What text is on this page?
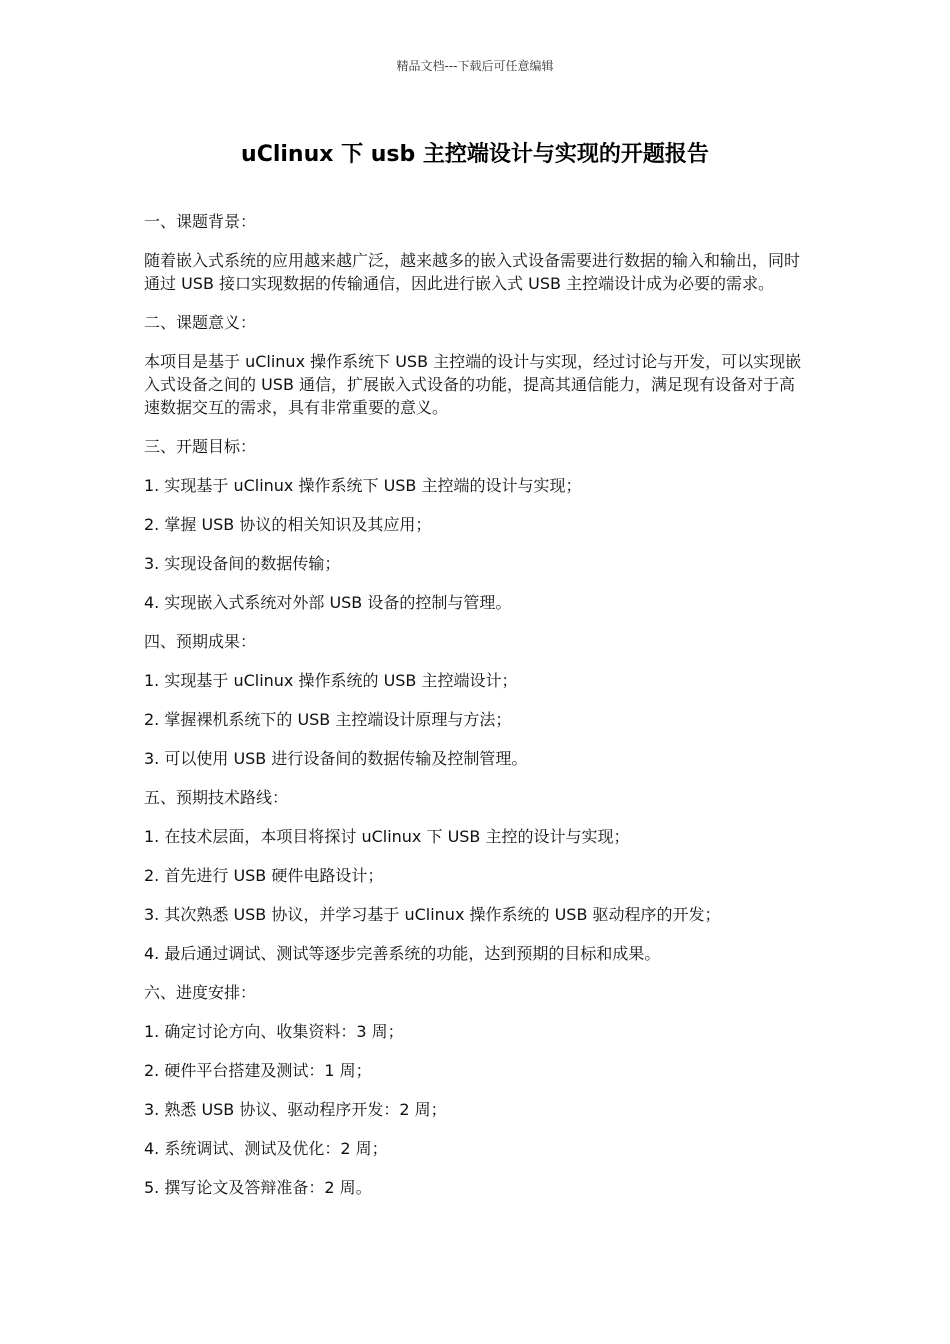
精品文档---下载后可任意编辑
uClinux 下 usb 主控端设计与实现的开题报告

一、课题背景：

随着嵌入式系统的应用越来越广泛，越来越多的嵌入式设备需要进行数据的输入和输出，同时通过 USB 接口实现数据的传输通信，因此进行嵌入式 USB 主控端设计成为必要的需求。

二、课题意义：

本项目是基于 uClinux 操作系统下 USB 主控端的设计与实现，经过讨论与开发，可以实现嵌入式设备之间的 USB 通信，扩展嵌入式设备的功能，提高其通信能力，满足现有设备对于高速数据交互的需求，具有非常重要的意义。

三、开题目标：

1. 实现基于 uClinux 操作系统下 USB 主控端的设计与实现；

2. 掌握 USB 协议的相关知识及其应用；

3. 实现设备间的数据传输；

4. 实现嵌入式系统对外部 USB 设备的控制与管理。

四、预期成果：

1. 实现基于 uClinux 操作系统的 USB 主控端设计；

2. 掌握裸机系统下的 USB 主控端设计原理与方法；

3. 可以使用 USB 进行设备间的数据传输及控制管理。

五、预期技术路线：

1. 在技术层面，本项目将探讨 uClinux 下 USB 主控的设计与实现；

2. 首先进行 USB 硬件电路设计；

3. 其次熟悉 USB 协议，并学习基于 uClinux 操作系统的 USB 驱动程序的开发；

4. 最后通过调试、测试等逐步完善系统的功能，达到预期的目标和成果。

六、进度安排：

1. 确定讨论方向、收集资料：3 周；

2. 硬件平台搭建及测试：1 周；

3. 熟悉 USB 协议、驱动程序开发：2 周；

4. 系统调试、测试及优化：2 周；

5. 撰写论文及答辩准备：2 周。
